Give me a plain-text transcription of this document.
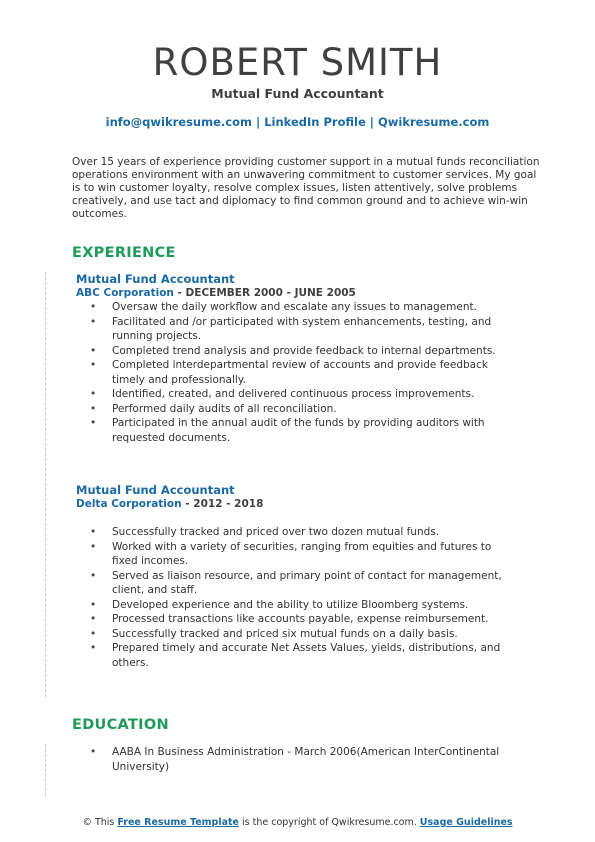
ROBERT SMITH
Mutual Fund Accountant
info@qwikresume.com | LinkedIn Profile | Qwikresume.com
Over 15 years of experience providing customer support in a mutual funds reconciliation operations environment with an unwavering commitment to customer services. My goal is to win customer loyalty, resolve complex issues, listen attentively, solve problems creatively, and use tact and diplomacy to find common ground and to achieve win-win outcomes.
EXPERIENCE
Mutual Fund Accountant
ABC Corporation - DECEMBER 2000 - JUNE 2005
• Oversaw the daily workflow and escalate any issues to management.
• Facilitated and /or participated with system enhancements, testing, and running projects.
• Completed trend analysis and provide feedback to internal departments.
• Completed interdepartmental review of accounts and provide feedback timely and professionally.
• Identified, created, and delivered continuous process improvements.
• Performed daily audits of all reconciliation.
• Participated in the annual audit of the funds by providing auditors with requested documents.
Mutual Fund Accountant
Delta Corporation - 2012 - 2018
• Successfully tracked and priced over two dozen mutual funds.
• Worked with a variety of securities, ranging from equities and futures to fixed incomes.
• Served as liaison resource, and primary point of contact for management, client, and staff.
• Developed experience and the ability to utilize Bloomberg systems.
• Processed transactions like accounts payable, expense reimbursement.
• Successfully tracked and priced six mutual funds on a daily basis.
• Prepared timely and accurate Net Assets Values, yields, distributions, and others.
EDUCATION
• AABA In Business Administration - March 2006(American InterContinental University)
© This Free Resume Template is the copyright of Qwikresume.com. Usage Guidelines
